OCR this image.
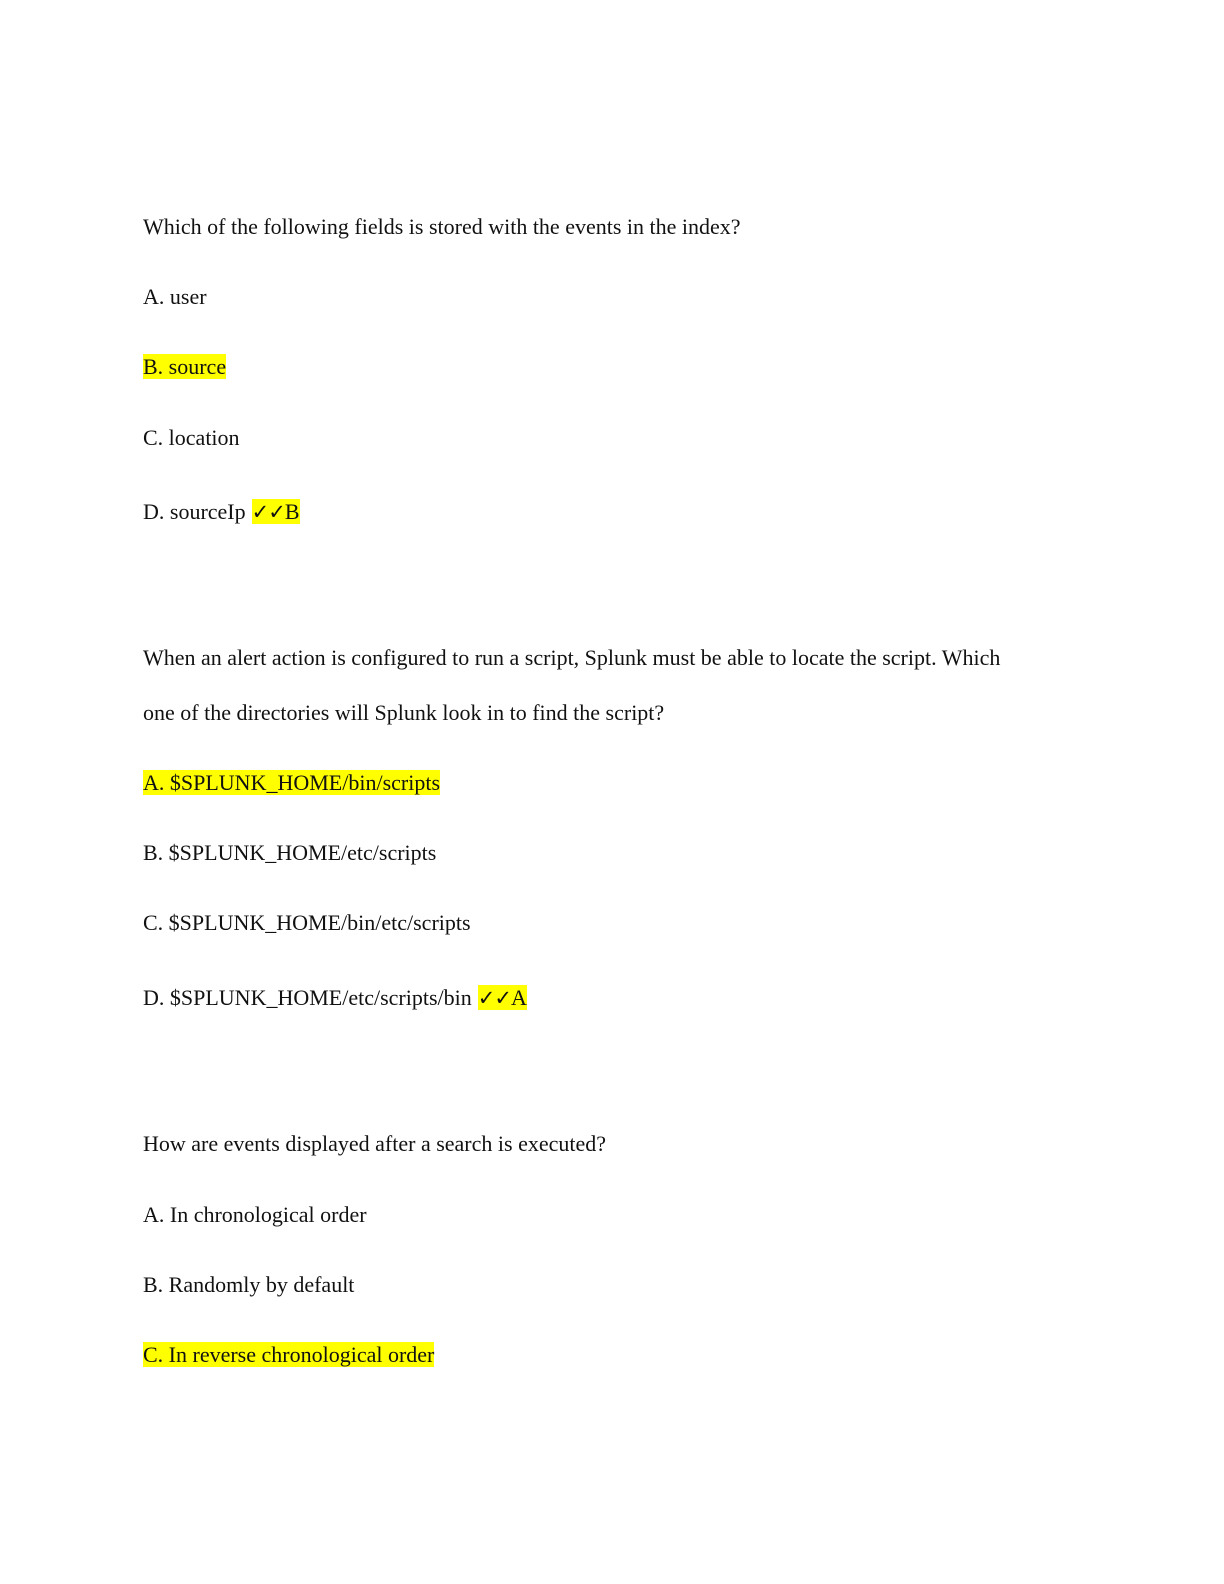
Which of the following fields is stored with the events in the index?
A. user
B. source
C. location
D. sourceIp ✓✓B
When an alert action is configured to run a script, Splunk must be able to locate the script. Which
one of the directories will Splunk look in to find the script?
A. $SPLUNK_HOME/bin/scripts
B. $SPLUNK_HOME/etc/scripts
C. $SPLUNK_HOME/bin/etc/scripts
D. $SPLUNK_HOME/etc/scripts/bin ✓✓A
How are events displayed after a search is executed?
A. In chronological order
B. Randomly by default
C. In reverse chronological order
